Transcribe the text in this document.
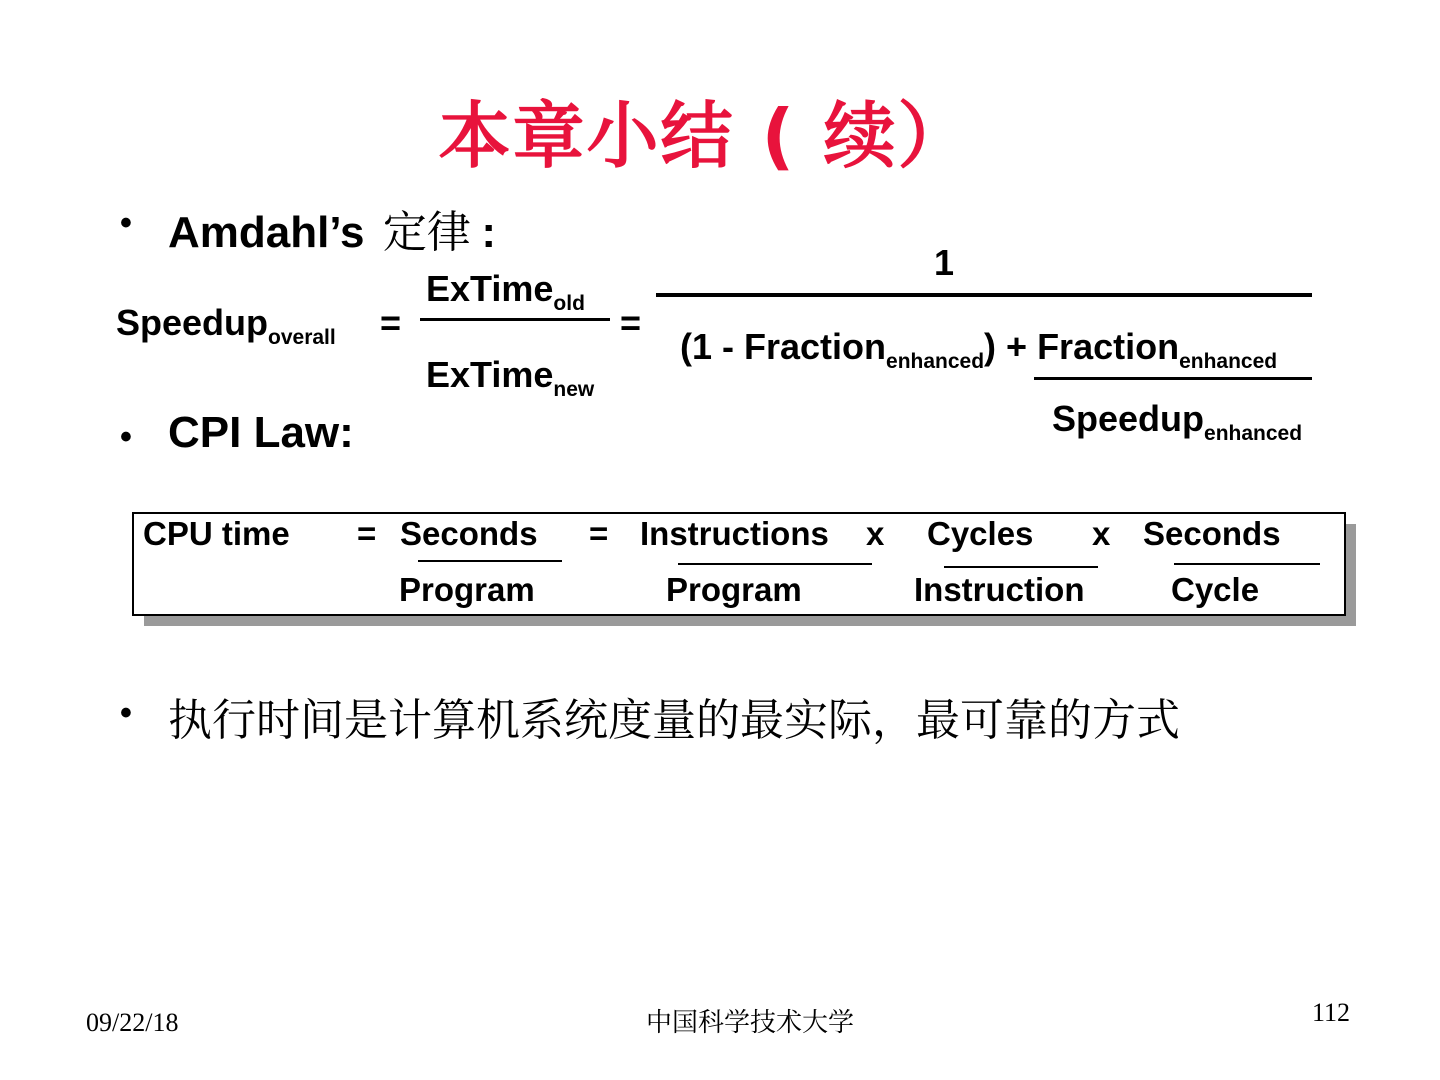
本章小结 ( 续）
• Amdahl’s 定律 :
Speedup$_{overall}$ =
ExTime$_{old}$
ExTime$_{new}$
=
1
(1 - Fraction$_{enhanced}$) + Fraction$_{enhanced}$
Speedup$_{enhanced}$
• CPI Law:
CPU time = Seconds = Instructions x Cycles x Seconds
Program	Program	Instruction	Cycle
• 执行时间是计算机系统度量的最实际，最可靠的方式
09/22/18	中国科学技术大学	112
